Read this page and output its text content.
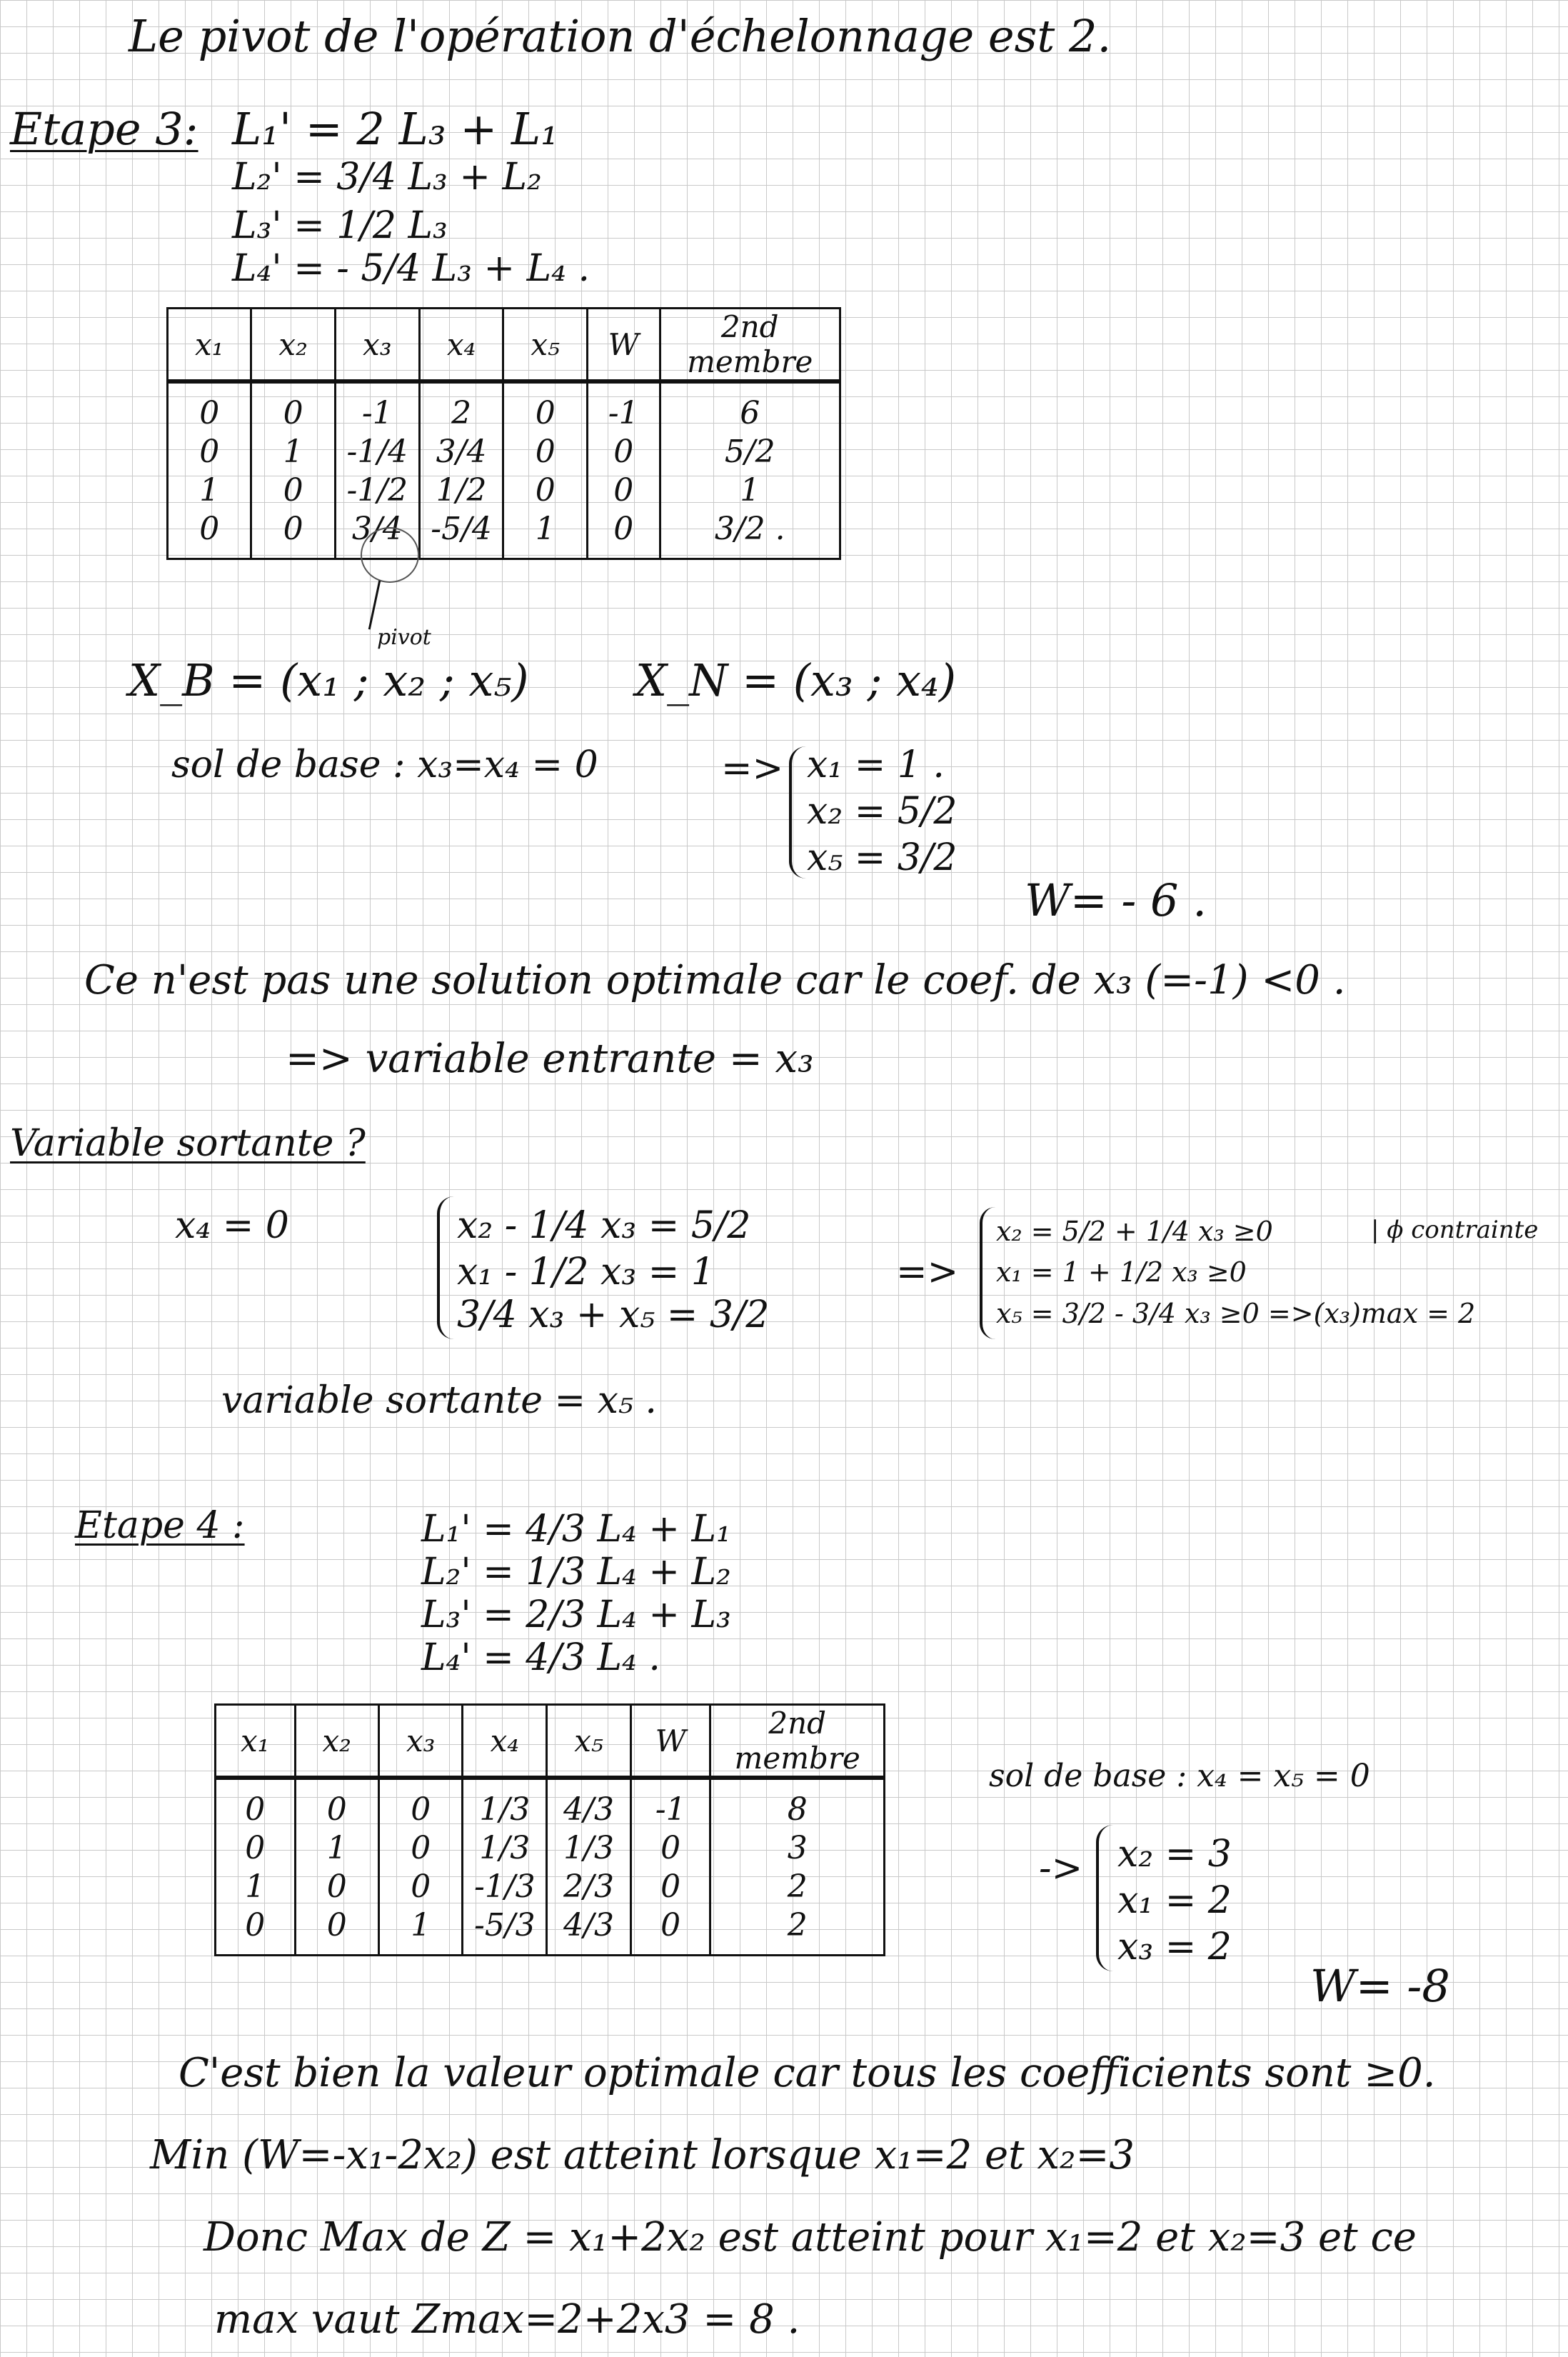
Le pivot de l'opération d'échelonnage est 2.
Etape 3: L₁' = 2 L₃ + L₁
L₂' = 3/4 L₃ + L₂
L₃' = 1/2 L₃
L₄' = - 5/4 L₃ + L₄ .
x₁	x₂	x₃	x₄	x₅	W	2nd membre
0	0	-1	2	0	-1	6
0	1	-1/4	3/4	0	0	5/2
1	0	-1/2	1/2	0	0	1
0	0	3/4	-5/4	1	0	3/2 .
pivot
X_B = (x₁ ; x₂ ; x₅) X_N = (x₃ ; x₄)
sol de base : x₃=x₄ = 0	=> x₁ = 1 .
x₂ = 5/2
x₅ = 3/2
W= - 6 .
Ce n'est pas une solution optimale car le coef. de x₃ (=-1) <0 .
=> variable entrante = x₃
Variable sortante ?
x₄ = 0	x₂ - 1/4 x₃ = 5/2
x₁ - 1/2 x₃ = 1
3/4 x₃ + x₅ = 3/2
=>
x₂ = 5/2 + 1/4 x₃ ≥0
x₁ = 1 + 1/2 x₃ ≥0
x₅ = 3/2 - 3/4 x₃ ≥0 =>(x₃)max = 2
| ϕ contrainte
variable sortante = x₅ .
Etape 4 :	L₁' = 4/3 L₄ + L₁
L₂' = 1/3 L₄ + L₂
L₃' = 2/3 L₄ + L₃
L₄' = 4/3 L₄ .
x₁	x₂	x₃	x₄	x₅	W	2nd membre
0	0	0	1/3	4/3	-1	8
0	1	0	1/3	1/3	0	3
1	0	0	-1/3	2/3	0	2
0	0	1	-5/3	4/3	0	2
sol de base : x₄ = x₅ = 0
-> x₂ = 3
x₁ = 2
x₃ = 2
W= -8
C'est bien la valeur optimale car tous les coefficients sont ≥0.
Min (W=-x₁-2x₂) est atteint lorsque x₁=2 et x₂=3
Donc Max de Z = x₁+2x₂ est atteint pour x₁=2 et x₂=3 et ce
max vaut Zmax=2+2x3 = 8 .
